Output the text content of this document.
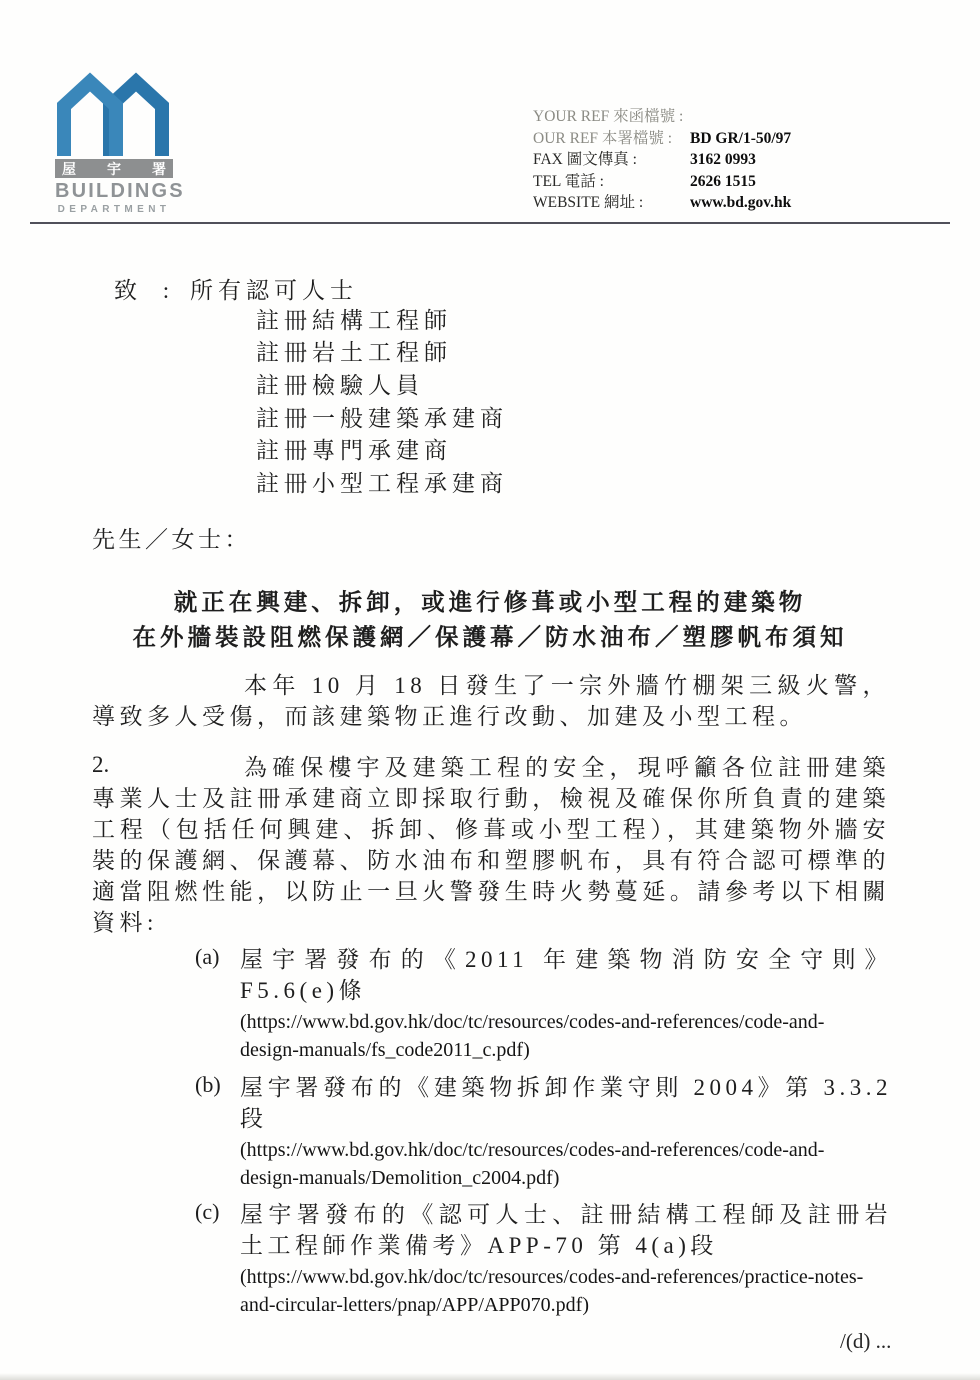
屋 宇 署
BUILDINGS
DEPARTMENT
YOUR REF 來函檔號 :
OUR REF 本署檔號 :	BD GR/1-50/97
FAX 圖文傳真 :	3162 0993
TEL 電話 :	2626 1515
WEBSITE 網址 :	www.bd.gov.hk
致 : 所有認可人士
註冊結構工程師
註冊岩土工程師
註冊檢驗人員
註冊一般建築承建商
註冊專門承建商
註冊小型工程承建商
先生／女士：
就正在興建、拆卸，或進行修葺或小型工程的建築物
在外牆裝設阻燃保護網／保護幕／防水油布／塑膠帆布須知
本年 10 月 18 日發生了一宗外牆竹棚架三級火警，導致多人受傷，而該建築物正進行改動、加建及小型工程。
2.	為確保樓宇及建築工程的安全，現呼籲各位註冊建築專業人士及註冊承建商立即採取行動，檢視及確保你所負責的建築工程（包括任何興建、拆卸、修葺或小型工程），其建築物外牆安裝的保護網、保護幕、防水油布和塑膠帆布，具有符合認可標準的適當阻燃性能，以防止一旦火警發生時火勢蔓延。請參考以下相關資料:
(a) 屋宇署發布的《2011 年建築物消防安全守則》F5.6(e)條
(https://www.bd.gov.hk/doc/tc/resources/codes-and-references/code-and-design-manuals/fs_code2011_c.pdf)
(b) 屋宇署發布的《建築物拆卸作業守則 2004》第 3.3.2 段
(https://www.bd.gov.hk/doc/tc/resources/codes-and-references/code-and-design-manuals/Demolition_c2004.pdf)
(c) 屋宇署發布的《認可人士、註冊結構工程師及註冊岩土工程師作業備考》APP-70 第 4(a)段
(https://www.bd.gov.hk/doc/tc/resources/codes-and-references/practice-notes-and-circular-letters/pnap/APP/APP070.pdf)
/(d) ...
